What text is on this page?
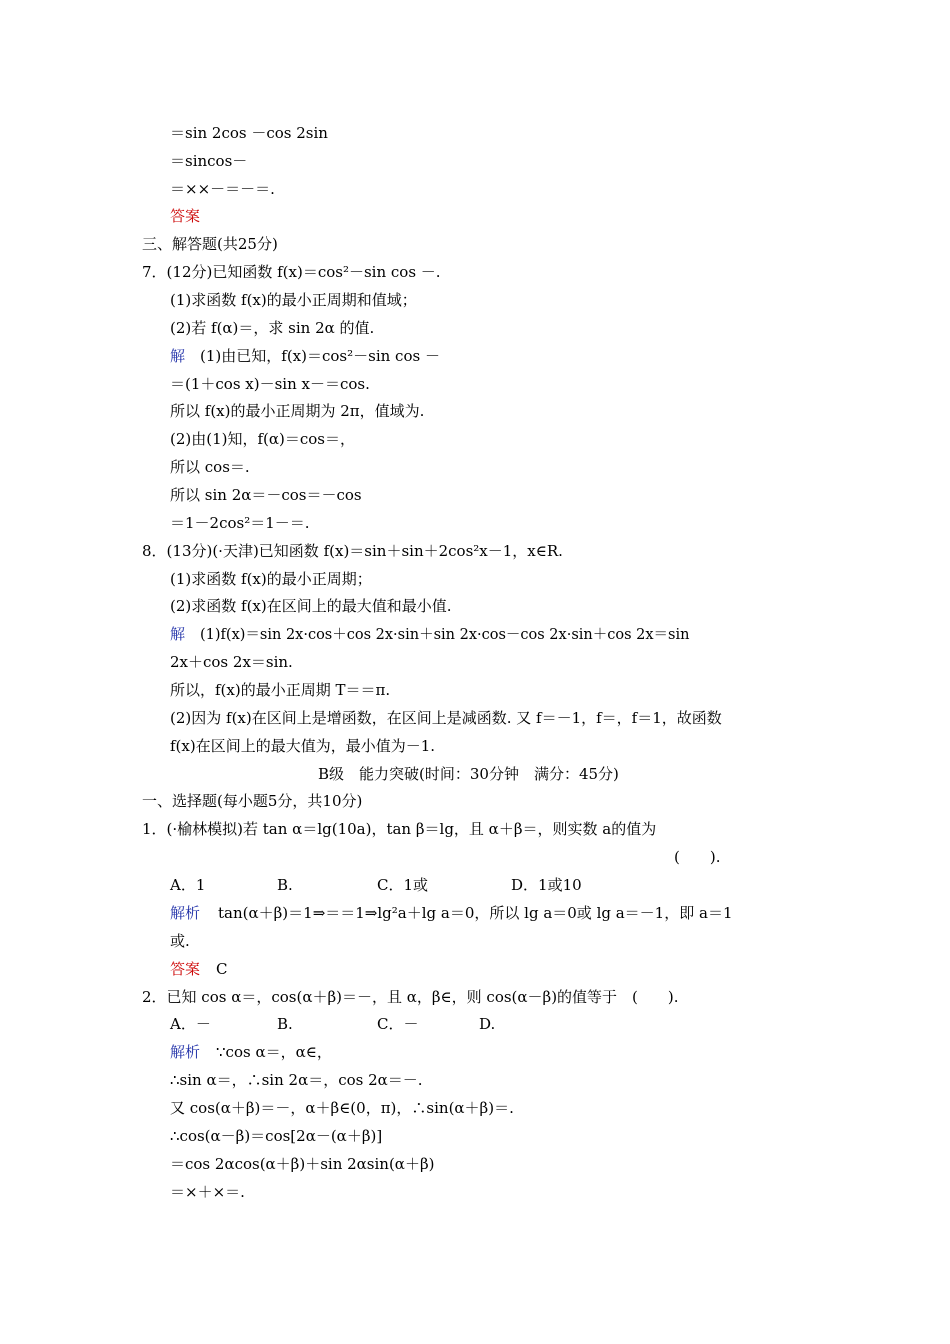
＝sin 2cos －cos 2sin
＝sincos－
＝××－＝－＝.
答案
三、解答题(共25分)
7．(12分)已知函数 f(x)＝cos²－sin cos －.
(1)求函数 f(x)的最小正周期和值域；
(2)若 f(α)＝，求 sin 2α 的值.
解 (1)由已知，f(x)＝cos²－sin cos －
＝(1＋cos x)－sin x－＝cos.
所以 f(x)的最小正周期为 2π，值域为.
(2)由(1)知，f(α)＝cos＝，
所以 cos＝.
所以 sin 2α＝－cos＝－cos
＝1－2cos²＝1－＝.
8．(13分)(·天津)已知函数 f(x)＝sin＋sin＋2cos²x－1，x∈R.
(1)求函数 f(x)的最小正周期；
(2)求函数 f(x)在区间上的最大值和最小值.
解 (1)f(x)＝sin 2x·cos＋cos 2x·sin＋sin 2x·cos－cos 2x·sin＋cos 2x＝sin
2x＋cos 2x＝sin.
所以，f(x)的最小正周期 T＝＝π.
(2)因为 f(x)在区间上是增函数，在区间上是减函数. 又 f＝－1，f＝，f＝1，故函数
f(x)在区间上的最大值为，最小值为－1.
B级　能力突破(时间：30分钟　满分：45分)
一、选择题(每小题5分，共10分)
1．(·榆林模拟)若 tan α＝lg(10a)，tan β＝lg，且 α＋β＝，则实数 a的值为
(　　).
A．1	B.	C．1或	D．1或10
解析 tan(α＋β)＝1⇒＝＝1⇒lg²a＋lg a＝0，所以 lg a＝0或 lg a＝－1，即 a＝1
或.
答案 C
2．已知 cos α＝，cos(α＋β)＝－，且 α，β∈，则 cos(α－β)的值等于　(　　).
A．－	B.	C．－	D.
解析 ∵cos α＝，α∈，
∴sin α＝，∴sin 2α＝，cos 2α＝－.
又 cos(α＋β)＝－，α＋β∈(0，π)，∴sin(α＋β)＝.
∴cos(α－β)＝cos[2α－(α＋β)]
＝cos 2αcos(α＋β)＋sin 2αsin(α＋β)
＝×＋×＝.
